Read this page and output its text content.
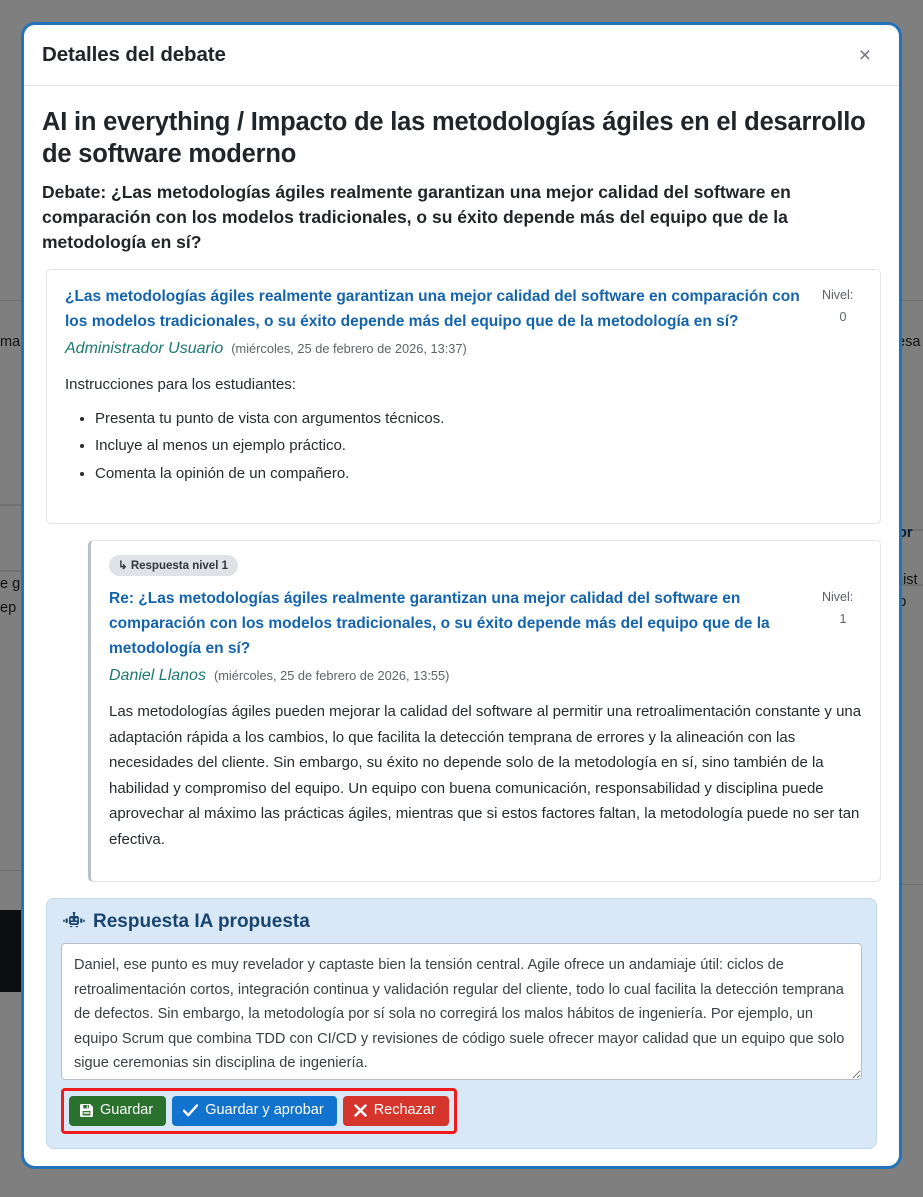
Detalles del debate	×
AI in everything / Impacto de las metodologías ágiles en el desarrollo de software moderno
Debate: ¿Las metodologías ágiles realmente garantizan una mejor calidad del software en comparación con los modelos tradicionales, o su éxito depende más del equipo que de la metodología en sí?
¿Las metodologías ágiles realmente garantizan una mejor calidad del software en comparación con los modelos tradicionales, o su éxito depende más del equipo que de la metodología en sí?
Nivel:
0
Administrador Usuario (miércoles, 25 de febrero de 2026, 13:37)

Instrucciones para los estudiantes:

• Presenta tu punto de vista con argumentos técnicos.
• Incluye al menos un ejemplo práctico.
• Comenta la opinión de un compañero.
↳ Respuesta nivel 1
Re: ¿Las metodologías ágiles realmente garantizan una mejor calidad del software en comparación con los modelos tradicionales, o su éxito depende más del equipo que de la metodología en sí?
Nivel:
1
Daniel Llanos (miércoles, 25 de febrero de 2026, 13:55)

Las metodologías ágiles pueden mejorar la calidad del software al permitir una retroalimentación constante y una adaptación rápida a los cambios, lo que facilita la detección temprana de errores y la alineación con las necesidades del cliente. Sin embargo, su éxito no depende solo de la metodología en sí, sino también de la habilidad y compromiso del equipo. Un equipo con buena comunicación, responsabilidad y disciplina puede aprovechar al máximo las prácticas ágiles, mientras que si estos factores faltan, la metodología puede no ser tan efectiva.

Respuesta IA propuesta
Daniel, ese punto es muy revelador y captaste bien la tensión central. Agile ofrece un andamiaje útil: ciclos de retroalimentación cortos, integración continua y validación regular del cliente, todo lo cual facilita la detección temprana de defectos. Sin embargo, la metodología por sí sola no corregirá los malos hábitos de ingeniería. Por ejemplo, un equipo Scrum que combina TDD con CI/CD y revisiones de código suele ofrecer mayor calidad que un equipo que solo sigue ceremonias sin disciplina de ingeniería.
Guardar	Guardar y aprobar	Rechazar
